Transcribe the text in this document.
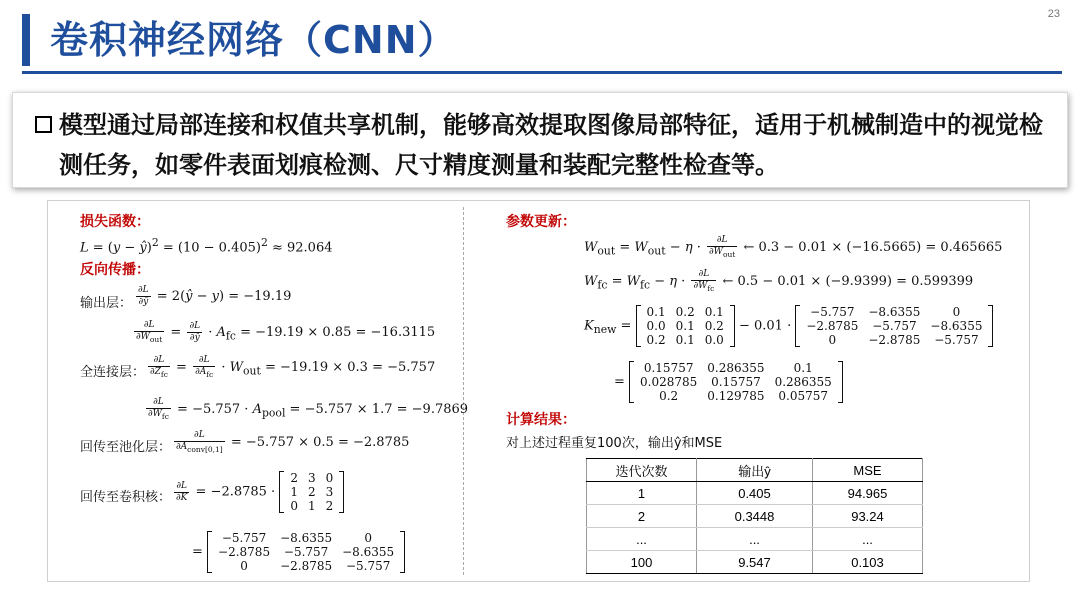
卷积神经网络（CNN）
23
模型通过局部连接和权值共享机制，能够高效提取图像局部特征，适用于机械制造中的视觉检测任务，如零件表面划痕检测、尺寸精度测量和装配完整性检查等。
损失函数：
L = (y − ŷ)$^2$ = $(10 - 0.405)^2 \approx 92.064$
反向传播：
输出层： $\frac{\partial L}{\partial ŷ}$ = 2(ŷ − y) = −19.19
$\frac{\partial L}{\partial W_{out}} = \frac{\partial L}{\partial ŷ} \cdot A_{fc} = -19.19 \times 0.85 = -16.3115$
全连接层： $\frac{\partial L}{\partial Z_{fc}} = \frac{\partial L}{\partial A_{fc}} \cdot W_{out} = -19.19 \times 0.3 = -5.757$
$\frac{\partial L}{\partial W_{fc}} = -5.757 \cdot A_{pool} = -5.757 \times 1.7 = -9.7869$
回传至池化层： $\frac{\partial L}{\partial A_{conv[0,1]}} = -5.757 \times 0.5 = -2.8785$
回传至卷积核： $\frac{\partial L}{\partial K} = -2.8785$ ·
2	3	0
1	2	3
0	1	2
=
−5.757	−8.6355	0
−2.8785	−5.757	−8.6355
0	−2.8785	−5.757
参数更新：
$W_{out} = W_{out} - \eta \cdot \frac{\partial L}{\partial W_{out}}$ ← 0.3 − 0.01 × (−16.5665) = 0.465665
$W_{fc} = W_{fc} - \eta \cdot \frac{\partial L}{\partial W_{fc}}$ ← 0.5 − 0.01 × (−9.9399) = 0.599399
$K_{new}$ =
0.1	0.2	0.1
0.0	0.1	0.2
0.2	0.1	0.0
− 0.01 ·
−5.757	−8.6355	0
−2.8785	−5.757	−8.6355
0	−2.8785	−5.757
=
0.15757	0.286355	0.1
0.028785	0.15757	0.286355
0.2	0.129785	0.05757
计算结果：
对上述过程重复100次，输出ŷ和MSE
迭代次数	输出ŷ	MSE
1	0.405	94.965
2	0.3448	93.24
...	...	...
100	9.547	0.103
